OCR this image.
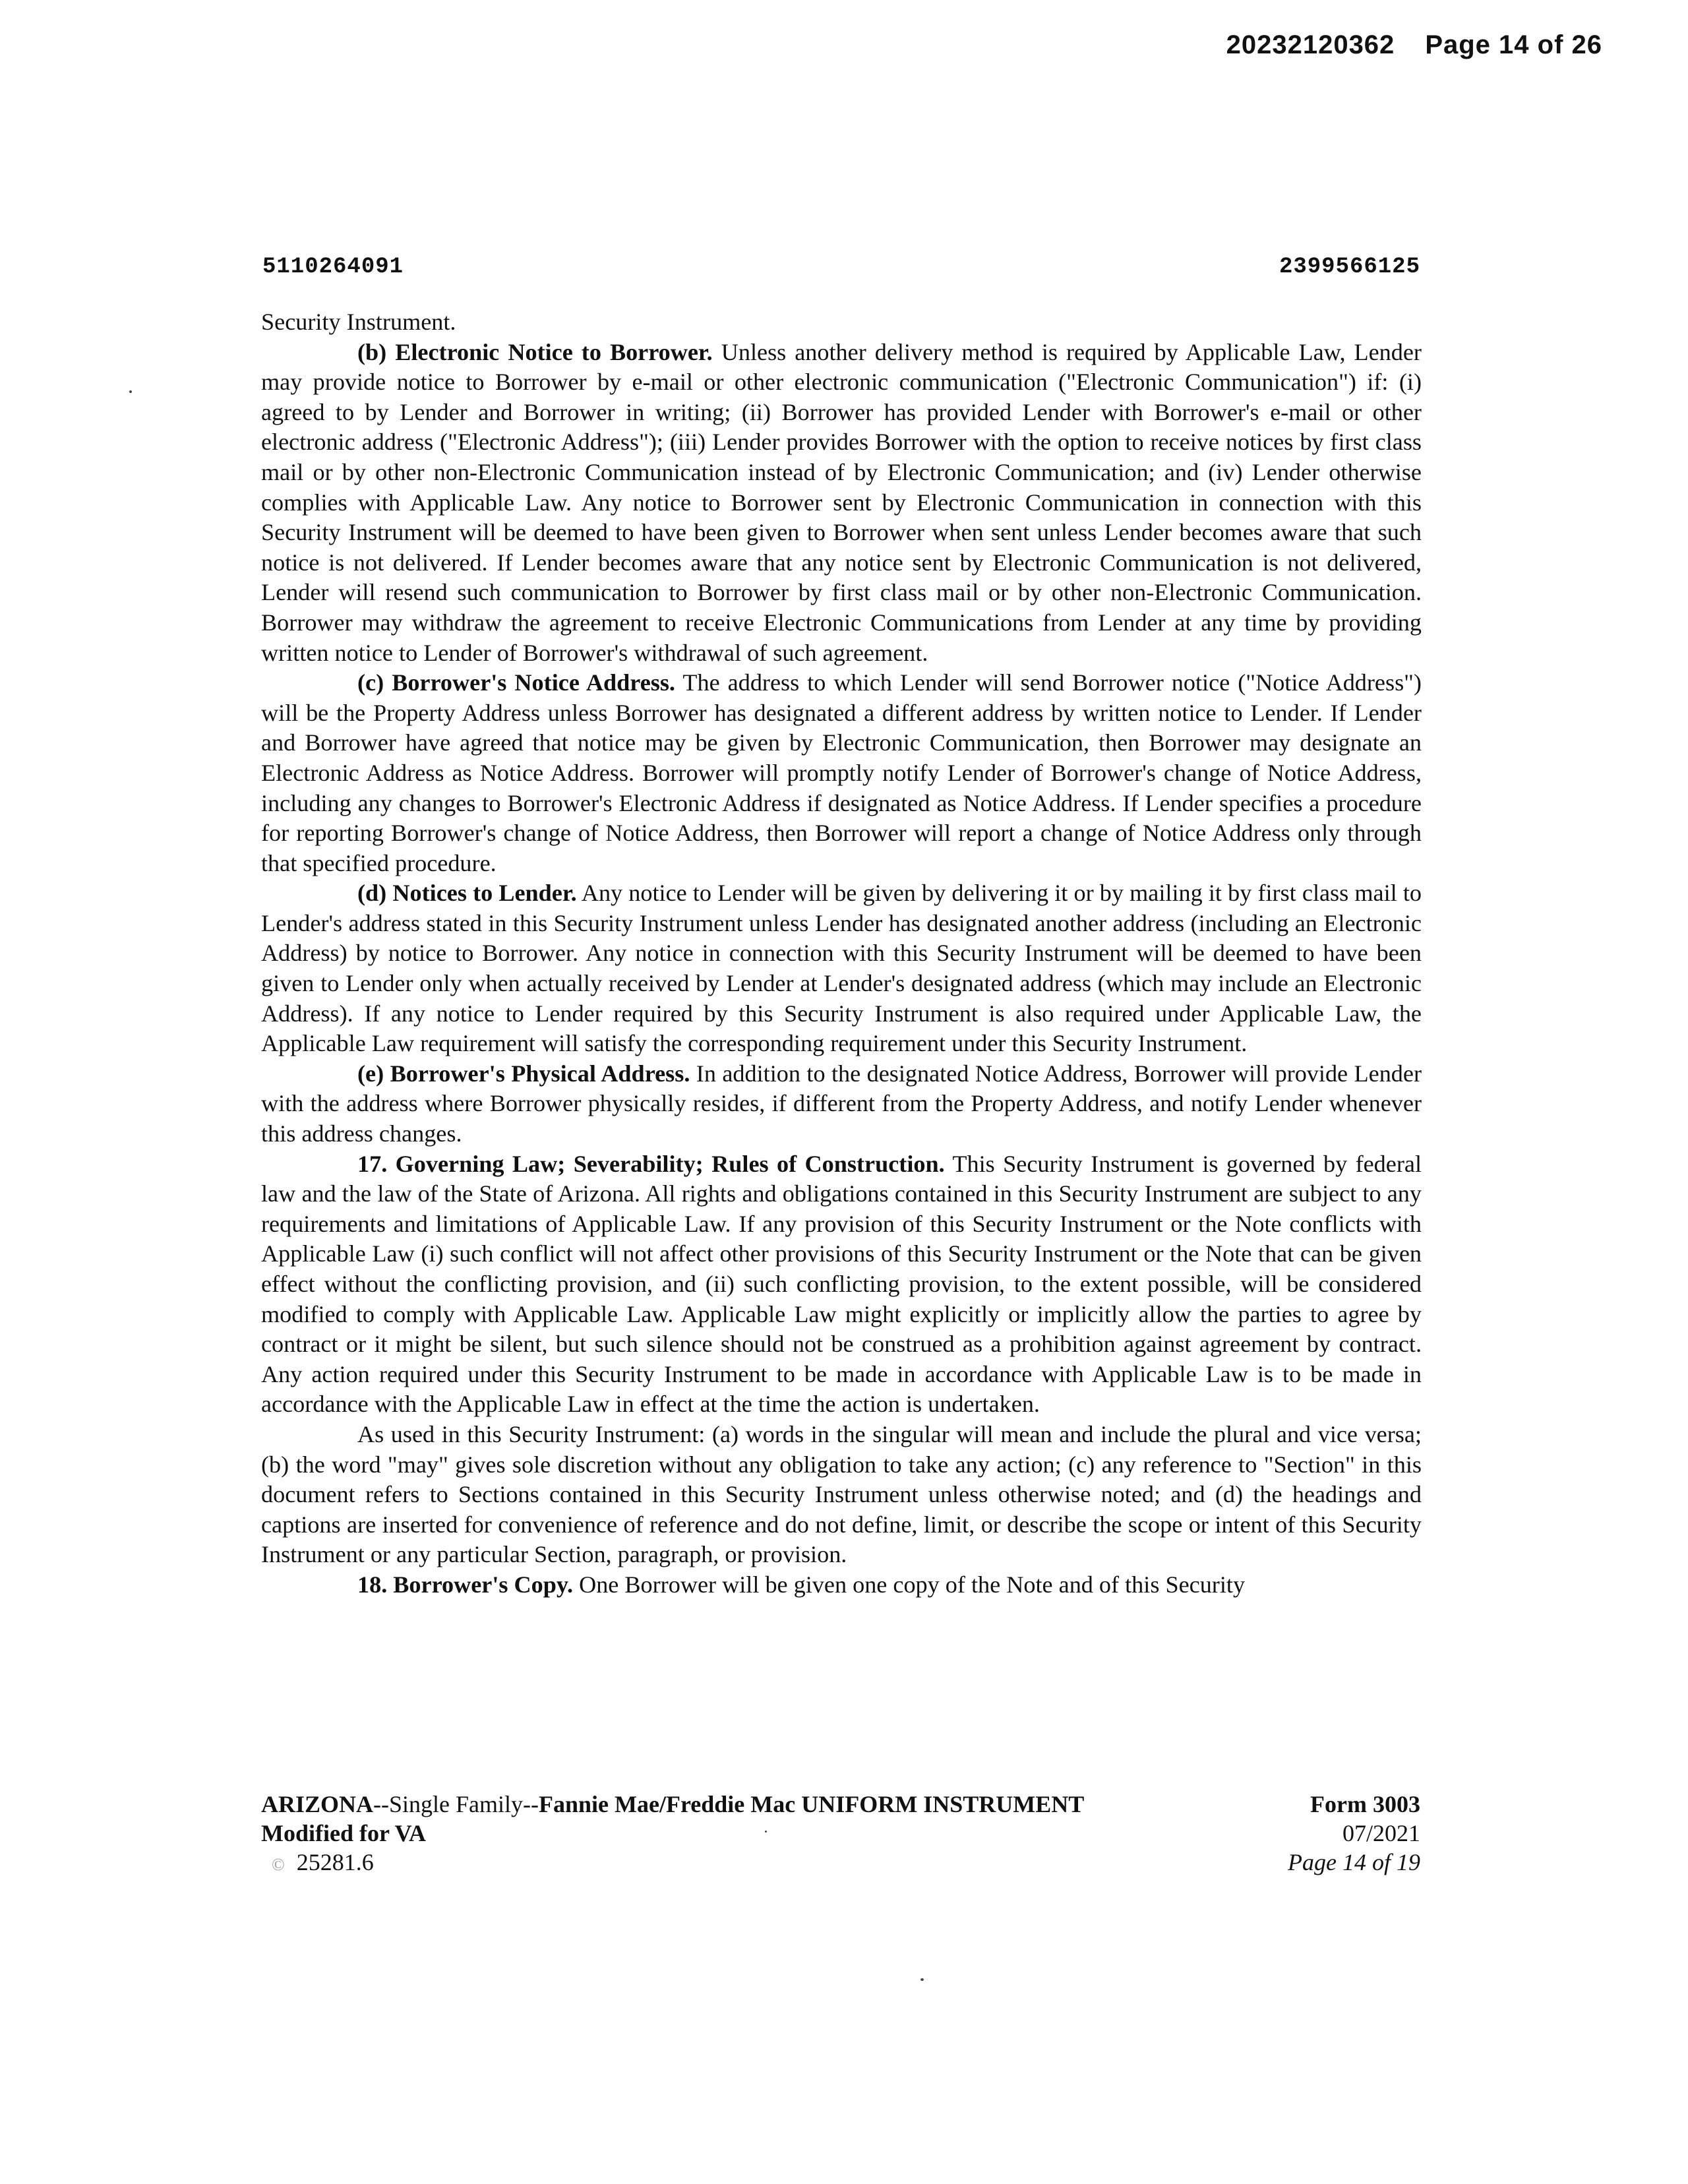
20232120362 Page 14 of 26
5110264091	2399566125

Security Instrument.

(b) Electronic Notice to Borrower. Unless another delivery method is required by Applicable Law, Lender may provide notice to Borrower by e-mail or other electronic communication ("Electronic Communication") if: (i) agreed to by Lender and Borrower in writing; (ii) Borrower has provided Lender with Borrower's e-mail or other electronic address ("Electronic Address"); (iii) Lender provides Borrower with the option to receive notices by first class mail or by other non-Electronic Communication instead of by Electronic Communication; and (iv) Lender otherwise complies with Applicable Law. Any notice to Borrower sent by Electronic Communication in connection with this Security Instrument will be deemed to have been given to Borrower when sent unless Lender becomes aware that such notice is not delivered. If Lender becomes aware that any notice sent by Electronic Communication is not delivered, Lender will resend such communication to Borrower by first class mail or by other non-Electronic Communication. Borrower may withdraw the agreement to receive Electronic Communications from Lender at any time by providing written notice to Lender of Borrower's withdrawal of such agreement.

(c) Borrower's Notice Address. The address to which Lender will send Borrower notice ("Notice Address") will be the Property Address unless Borrower has designated a different address by written notice to Lender. If Lender and Borrower have agreed that notice may be given by Electronic Communication, then Borrower may designate an Electronic Address as Notice Address. Borrower will promptly notify Lender of Borrower's change of Notice Address, including any changes to Borrower's Electronic Address if designated as Notice Address. If Lender specifies a procedure for reporting Borrower's change of Notice Address, then Borrower will report a change of Notice Address only through that specified procedure.

(d) Notices to Lender. Any notice to Lender will be given by delivering it or by mailing it by first class mail to Lender's address stated in this Security Instrument unless Lender has designated another address (including an Electronic Address) by notice to Borrower. Any notice in connection with this Security Instrument will be deemed to have been given to Lender only when actually received by Lender at Lender's designated address (which may include an Electronic Address). If any notice to Lender required by this Security Instrument is also required under Applicable Law, the Applicable Law requirement will satisfy the corresponding requirement under this Security Instrument.

(e) Borrower's Physical Address. In addition to the designated Notice Address, Borrower will provide Lender with the address where Borrower physically resides, if different from the Property Address, and notify Lender whenever this address changes.

17. Governing Law; Severability; Rules of Construction. This Security Instrument is governed by federal law and the law of the State of Arizona. All rights and obligations contained in this Security Instrument are subject to any requirements and limitations of Applicable Law. If any provision of this Security Instrument or the Note conflicts with Applicable Law (i) such conflict will not affect other provisions of this Security Instrument or the Note that can be given effect without the conflicting provision, and (ii) such conflicting provision, to the extent possible, will be considered modified to comply with Applicable Law. Applicable Law might explicitly or implicitly allow the parties to agree by contract or it might be silent, but such silence should not be construed as a prohibition against agreement by contract. Any action required under this Security Instrument to be made in accordance with Applicable Law is to be made in accordance with the Applicable Law in effect at the time the action is undertaken.

As used in this Security Instrument: (a) words in the singular will mean and include the plural and vice versa; (b) the word "may" gives sole discretion without any obligation to take any action; (c) any reference to "Section" in this document refers to Sections contained in this Security Instrument unless otherwise noted; and (d) the headings and captions are inserted for convenience of reference and do not define, limit, or describe the scope or intent of this Security Instrument or any particular Section, paragraph, or provision.

18. Borrower's Copy. One Borrower will be given one copy of the Note and of this Security

ARIZONA--Single Family--Fannie Mae/Freddie Mac UNIFORM INSTRUMENT
Modified for VA
© 25281.6
Form 3003
07/2021
Page 14 of 19
